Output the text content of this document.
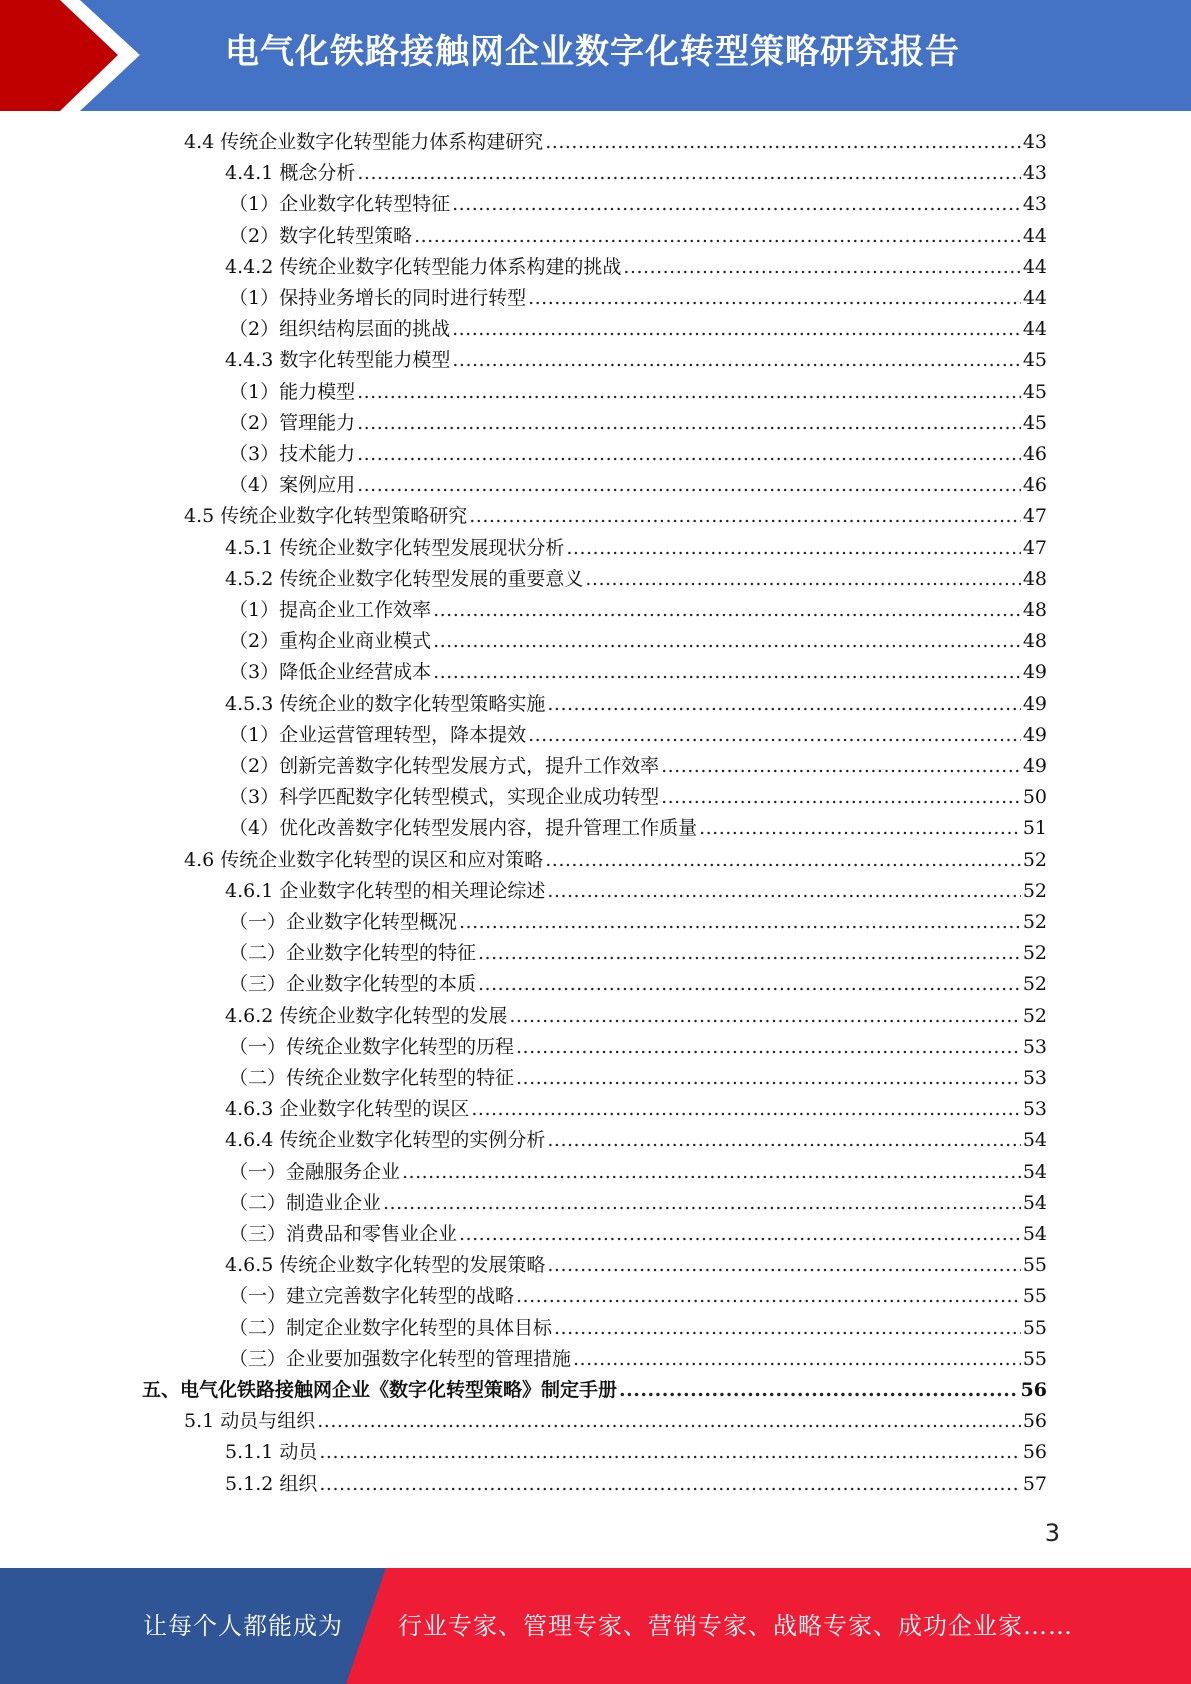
电气化铁路接触网企业数字化转型策略研究报告
4.4 传统企业数字化转型能力体系构建研究 .....	43
4.4.1 概念分析 .....	43
（1）企业数字化转型特征 .....	43
（2）数字化转型策略 .....	44
4.4.2 传统企业数字化转型能力体系构建的挑战 .....	44
（1）保持业务增长的同时进行转型 .....	44
（2）组织结构层面的挑战 .....	44
4.4.3 数字化转型能力模型 .....	45
（1）能力模型 .....	45
（2）管理能力 .....	45
（3）技术能力 .....	46
（4）案例应用 .....	46
4.5 传统企业数字化转型策略研究 .....	47
4.5.1 传统企业数字化转型发展现状分析 .....	47
4.5.2 传统企业数字化转型发展的重要意义 .....	48
（1）提高企业工作效率 .....	48
（2）重构企业商业模式 .....	48
（3）降低企业经营成本 .....	49
4.5.3 传统企业的数字化转型策略实施 .....	49
（1）企业运营管理转型，降本提效 .....	49
（2）创新完善数字化转型发展方式，提升工作效率 .....	49
（3）科学匹配数字化转型模式，实现企业成功转型 .....	50
（4）优化改善数字化转型发展内容，提升管理工作质量 .....	51
4.6 传统企业数字化转型的误区和应对策略 .....	52
4.6.1 企业数字化转型的相关理论综述 .....	52
（一）企业数字化转型概况 .....	52
（二）企业数字化转型的特征 .....	52
（三）企业数字化转型的本质 .....	52
4.6.2 传统企业数字化转型的发展 .....	52
（一）传统企业数字化转型的历程 .....	53
（二）传统企业数字化转型的特征 .....	53
4.6.3 企业数字化转型的误区 .....	53
4.6.4 传统企业数字化转型的实例分析 .....	54
（一）金融服务企业 .....	54
（二）制造业企业 .....	54
（三）消费品和零售业企业 .....	54
4.6.5 传统企业数字化转型的发展策略 .....	55
（一）建立完善数字化转型的战略 .....	55
（二）制定企业数字化转型的具体目标 .....	55
（三）企业要加强数字化转型的管理措施 .....	55
五、电气化铁路接触网企业《数字化转型策略》制定手册 .....	56
5.1 动员与组织 .....	56
5.1.1 动员 .....	56
5.1.2 组织 .....	57
3
让每个人都能成为 行业专家、管理专家、营销专家、战略专家、成功企业家……
